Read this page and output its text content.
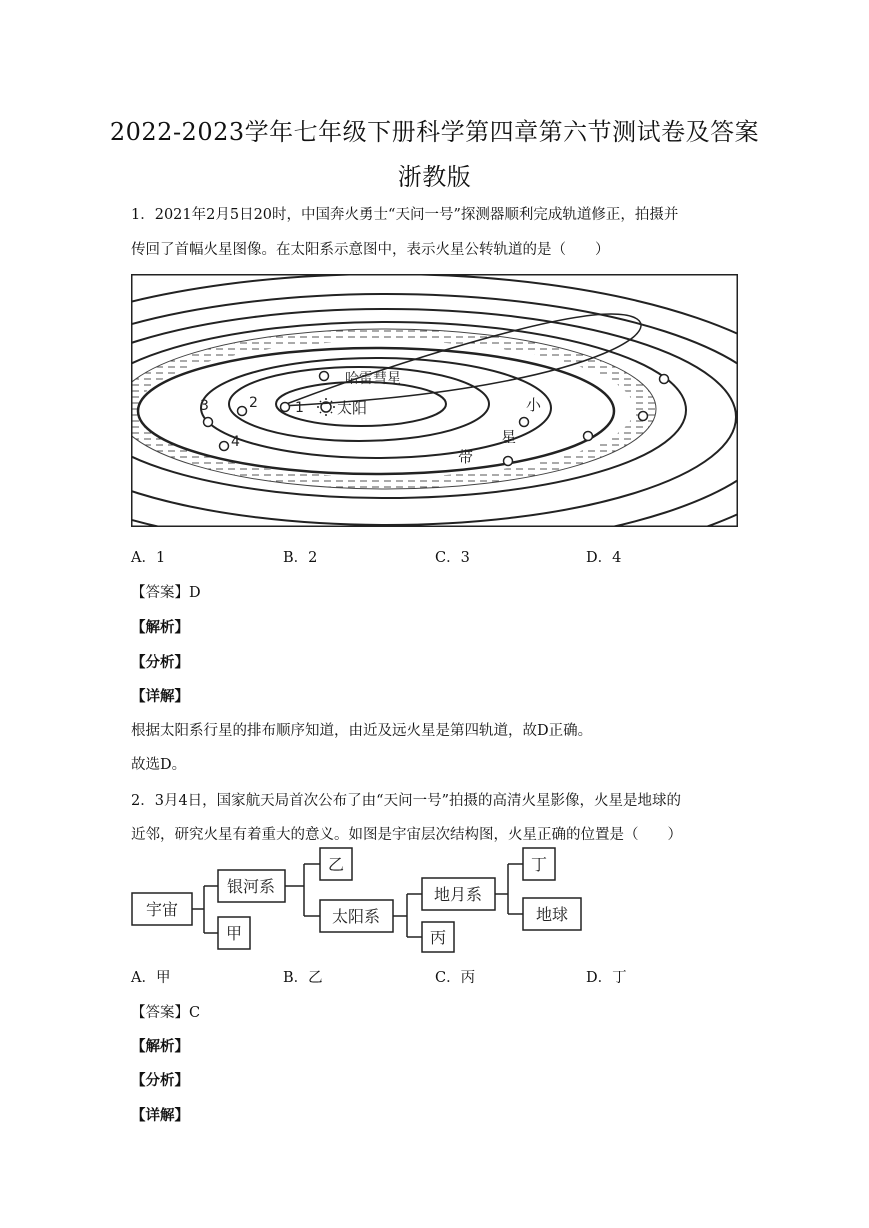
2022-2023学年七年级下册科学第四章第六节测试卷及答案
浙教版
1．2021年2月5日20时，中国奔火勇士“天问一号”探测器顺利完成轨道修正，拍摄并
传回了首幅火星图像。在太阳系示意图中，表示火星公转轨道的是（　　）
太阳
哈雷彗星
1
2
3
4
小
星
带
A．1	B．2	C．3	D．4
【答案】D
【解析】
【分析】
【详解】
根据太阳系行星的排布顺序知道，由近及远火星是第四轨道，故D正确。
故选D。
2．3月4日，国家航天局首次公布了由“天问一号”拍摄的高清火星影像，火星是地球的
近邻，研究火星有着重大的意义。如图是宇宙层次结构图，火星正确的位置是（　　）
宇宙
银河系
甲
乙
太阳系
地月系
丙
丁
地球
A．甲	B．乙	C．丙	D．丁
【答案】C
【解析】
【分析】
【详解】
